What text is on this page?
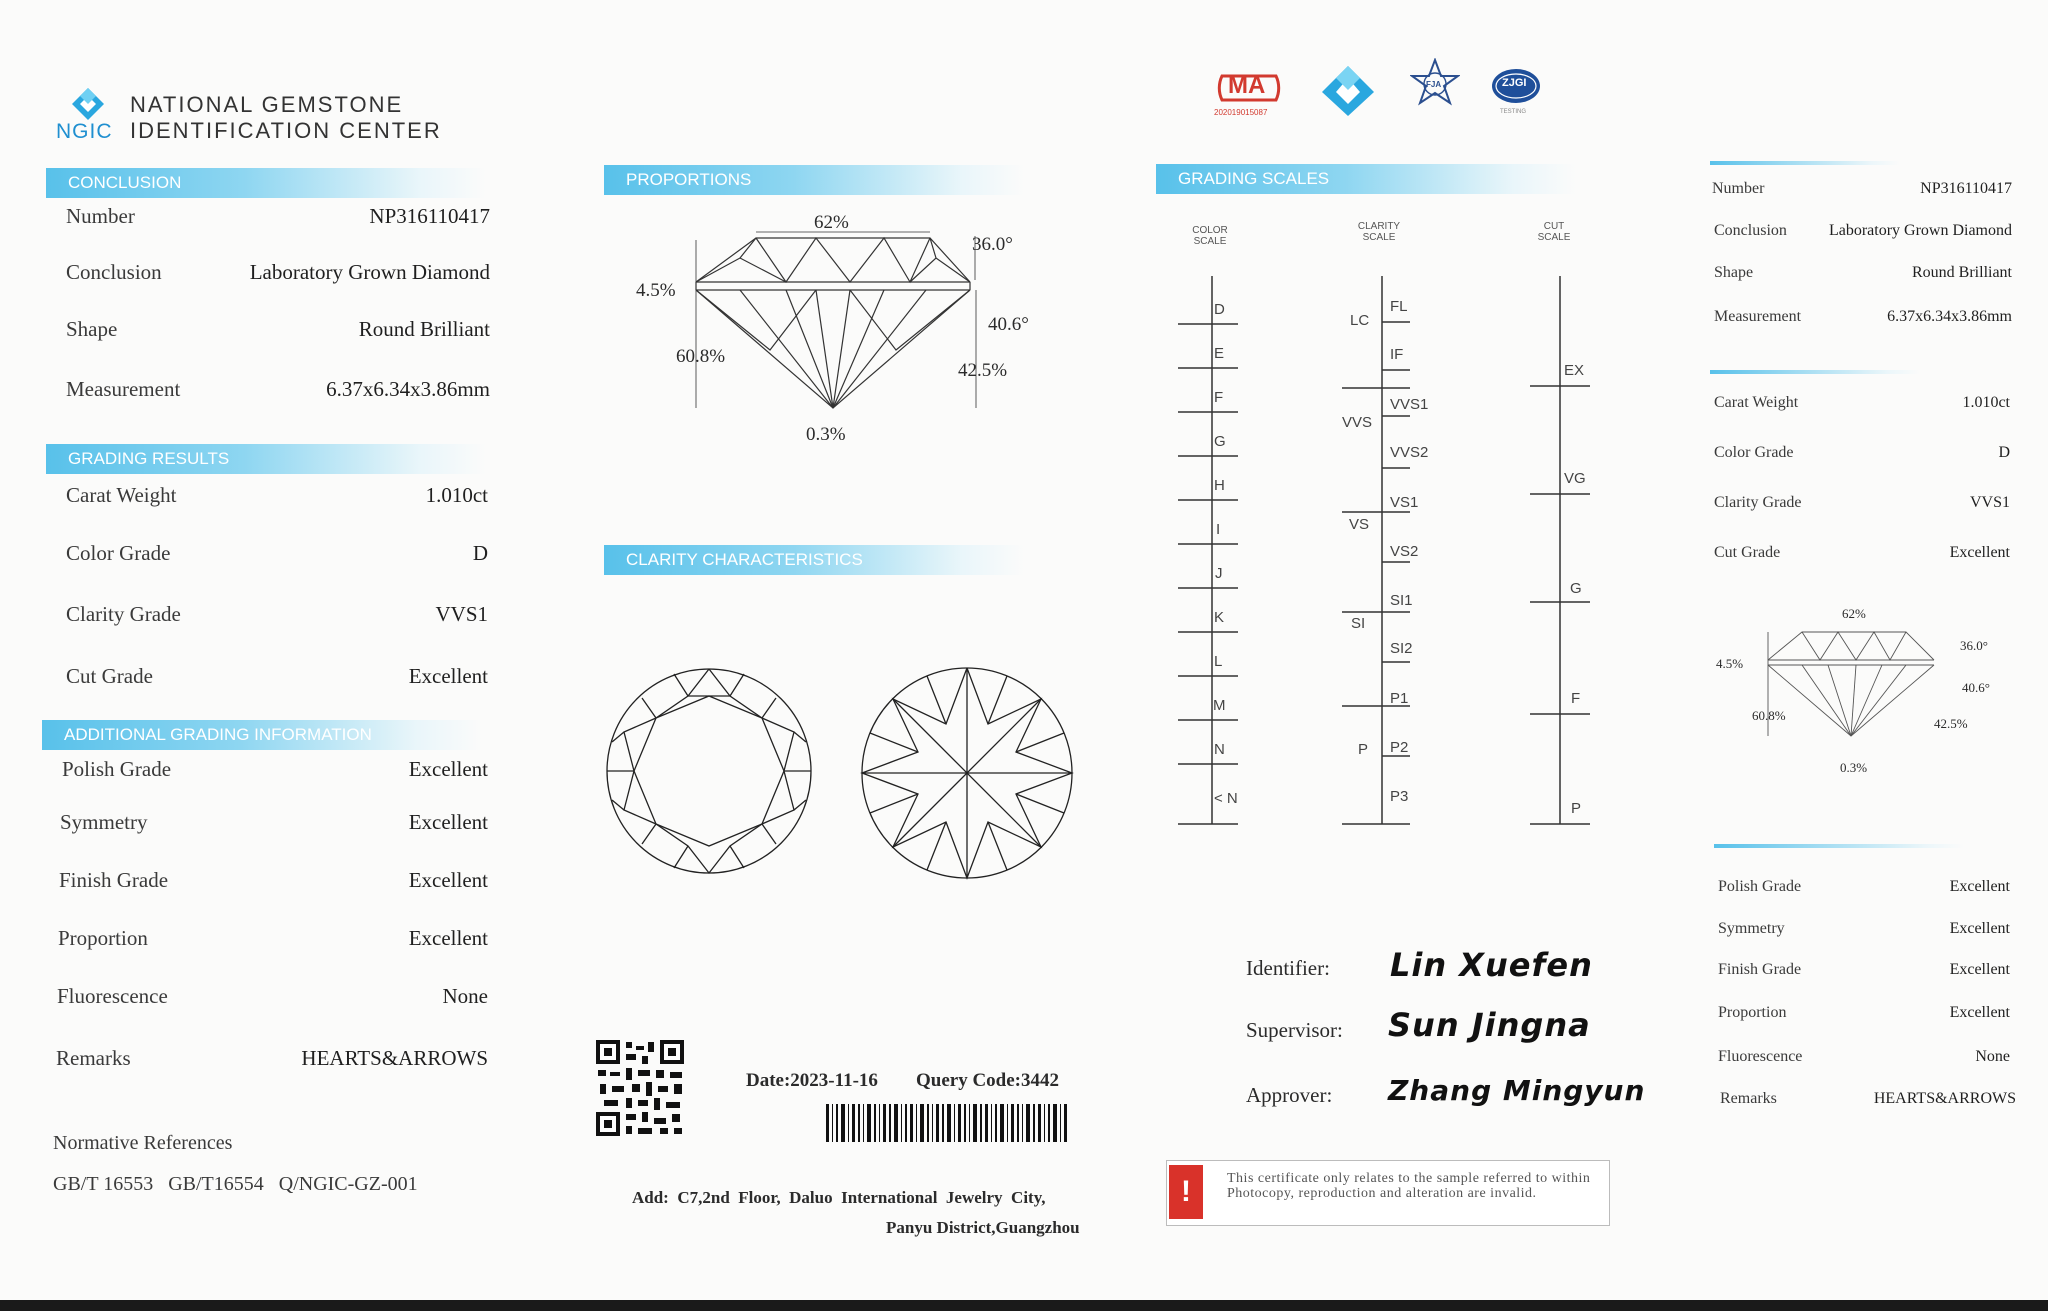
NGIC
NATIONAL GEMSTONE
IDENTIFICATION CENTER
CONCLUSION
Number	NP316110417
Conclusion	Laboratory Grown Diamond
Shape	Round Brilliant
Measurement	6.37x6.34x3.86mm
GRADING RESULTS
Carat Weight	1.010ct
Color Grade	D
Clarity Grade	VVS1
Cut Grade	Excellent
ADDITIONAL GRADING INFORMATION
Polish Grade	Excellent
Symmetry	Excellent
Finish Grade	Excellent
Proportion	Excellent
Fluorescence	None
Remarks	HEARTS&ARROWS
Normative References
GB/T 16553   GB/T16554   Q/NGIC-GZ-001
PROPORTIONS
62%
36.0°
4.5%
40.6°
60.8%
42.5%
0.3%
CLARITY CHARACTERISTICS
Date:2023-11-16 Query Code:3442
Add:  C7,2nd  Floor,  Daluo  International  Jewelry  City,
Panyu District,Guangzhou
MA
202019015087
FJA	ZJGI
TESTING
GRADING SCALES
COLOR
SCALE
D
E
F
G
H
I
J
K
L
M
N
< N
CLARITY
SCALE
LC
VVS
VS
SI
P
FL
IF
VVS1
VVS2
VS1
VS2
SI1
SI2
P1
P2
P3
CUT
SCALE
EX
VG
G
F
P
Identifier: Lin Xuefen
Supervisor: Sun Jingna
Approver: Zhang Mingyun
!	This certificate only relates to the sample referred to within Photocopy, reproduction and alteration are invalid.
Number	NP316110417
Conclusion	Laboratory Grown Diamond
Shape	Round Brilliant
Measurement	6.37x6.34x3.86mm
Carat Weight	1.010ct
Color Grade	D
Clarity Grade	VVS1
Cut Grade	Excellent
62%
36.0°
4.5%
40.6°
60.8%
42.5%
0.3%
Polish Grade	Excellent
Symmetry	Excellent
Finish Grade	Excellent
Proportion	Excellent
Fluorescence	None
Remarks	HEARTS&ARROWS
